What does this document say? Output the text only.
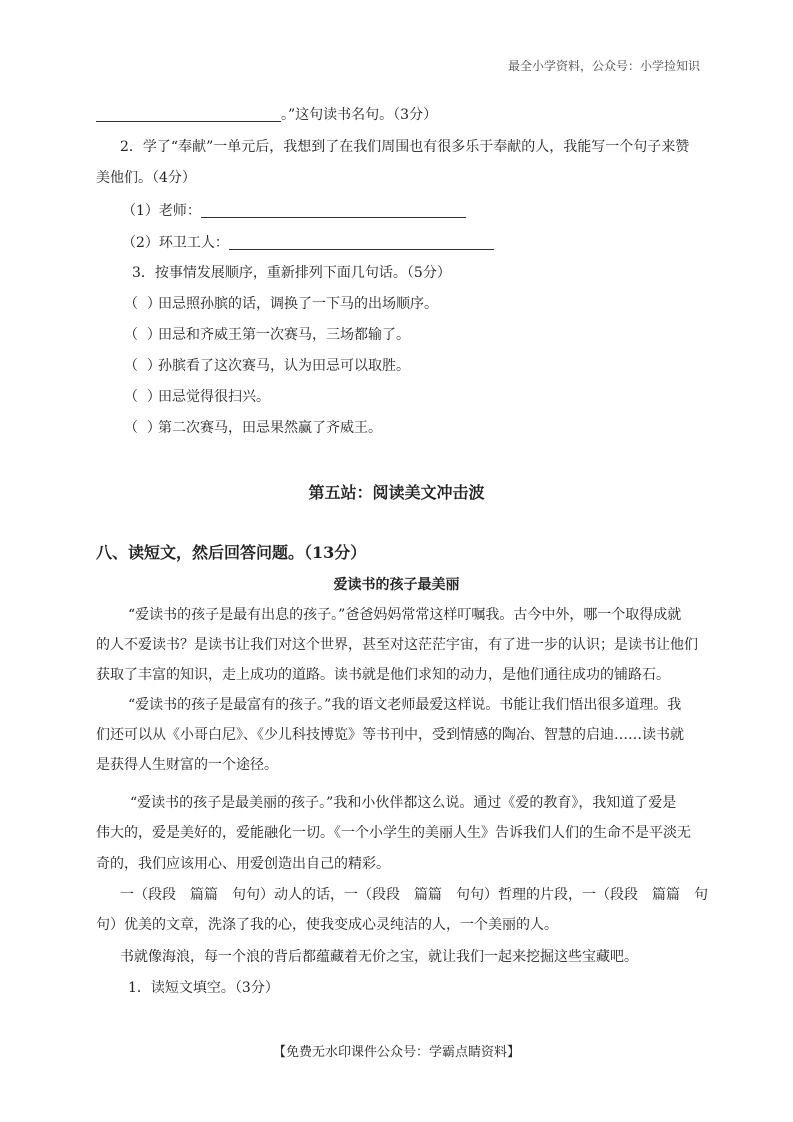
最全小学资料，公众号：小学捡知识
。”这句读书名句。（3分）
2．学了“奉献”一单元后，我想到了在我们周围也有很多乐于奉献的人，我能写一个句子来赞
美他们。（4分）
（1）老师：
（2）环卫工人：
3．按事情发展顺序，重新排列下面几句话。（5分）
（ ）田忌照孙膑的话，调换了一下马的出场顺序。
（ ）田忌和齐威王第一次赛马，三场都输了。
（ ）孙膑看了这次赛马，认为田忌可以取胜。
（ ）田忌觉得很扫兴。
（ ）第二次赛马，田忌果然赢了齐威王。
第五站：阅读美文冲击波
八、读短文，然后回答问题。（13分）
爱读书的孩子最美丽

“爱读书的孩子是最有出息的孩子。”爸爸妈妈常常这样叮嘱我。古今中外，哪一个取得成就

的人不爱读书？是读书让我们对这个世界，甚至对这茫茫宇宙，有了进一步的认识；是读书让他们

获取了丰富的知识，走上成功的道路。读书就是他们求知的动力，是他们通往成功的铺路石。

“爱读书的孩子是最富有的孩子。”我的语文老师最爱这样说。书能让我们悟出很多道理。我

们还可以从《小哥白尼》、《少儿科技博览》等书刊中，受到情感的陶冶、智慧的启迪……读书就

是获得人生财富的一个途径。

“爱读书的孩子是最美丽的孩子。”我和小伙伴都这么说。通过《爱的教育》，我知道了爱是

伟大的，爱是美好的，爱能融化一切。《一个小学生的美丽人生》告诉我们人们的生命不是平淡无

奇的，我们应该用心、用爱创造出自己的精彩。

一（段段　篇篇　句句）动人的话，一（段段　篇篇　句句）哲理的片段，一（段段　篇篇　句

句）优美的文章，洗涤了我的心，使我变成心灵纯洁的人，一个美丽的人。

书就像海浪，每一个浪的背后都蕴藏着无价之宝，就让我们一起来挖掘这些宝藏吧。

1．读短文填空。（3分）
【免费无水印课件公众号：学霸点睛资料】
